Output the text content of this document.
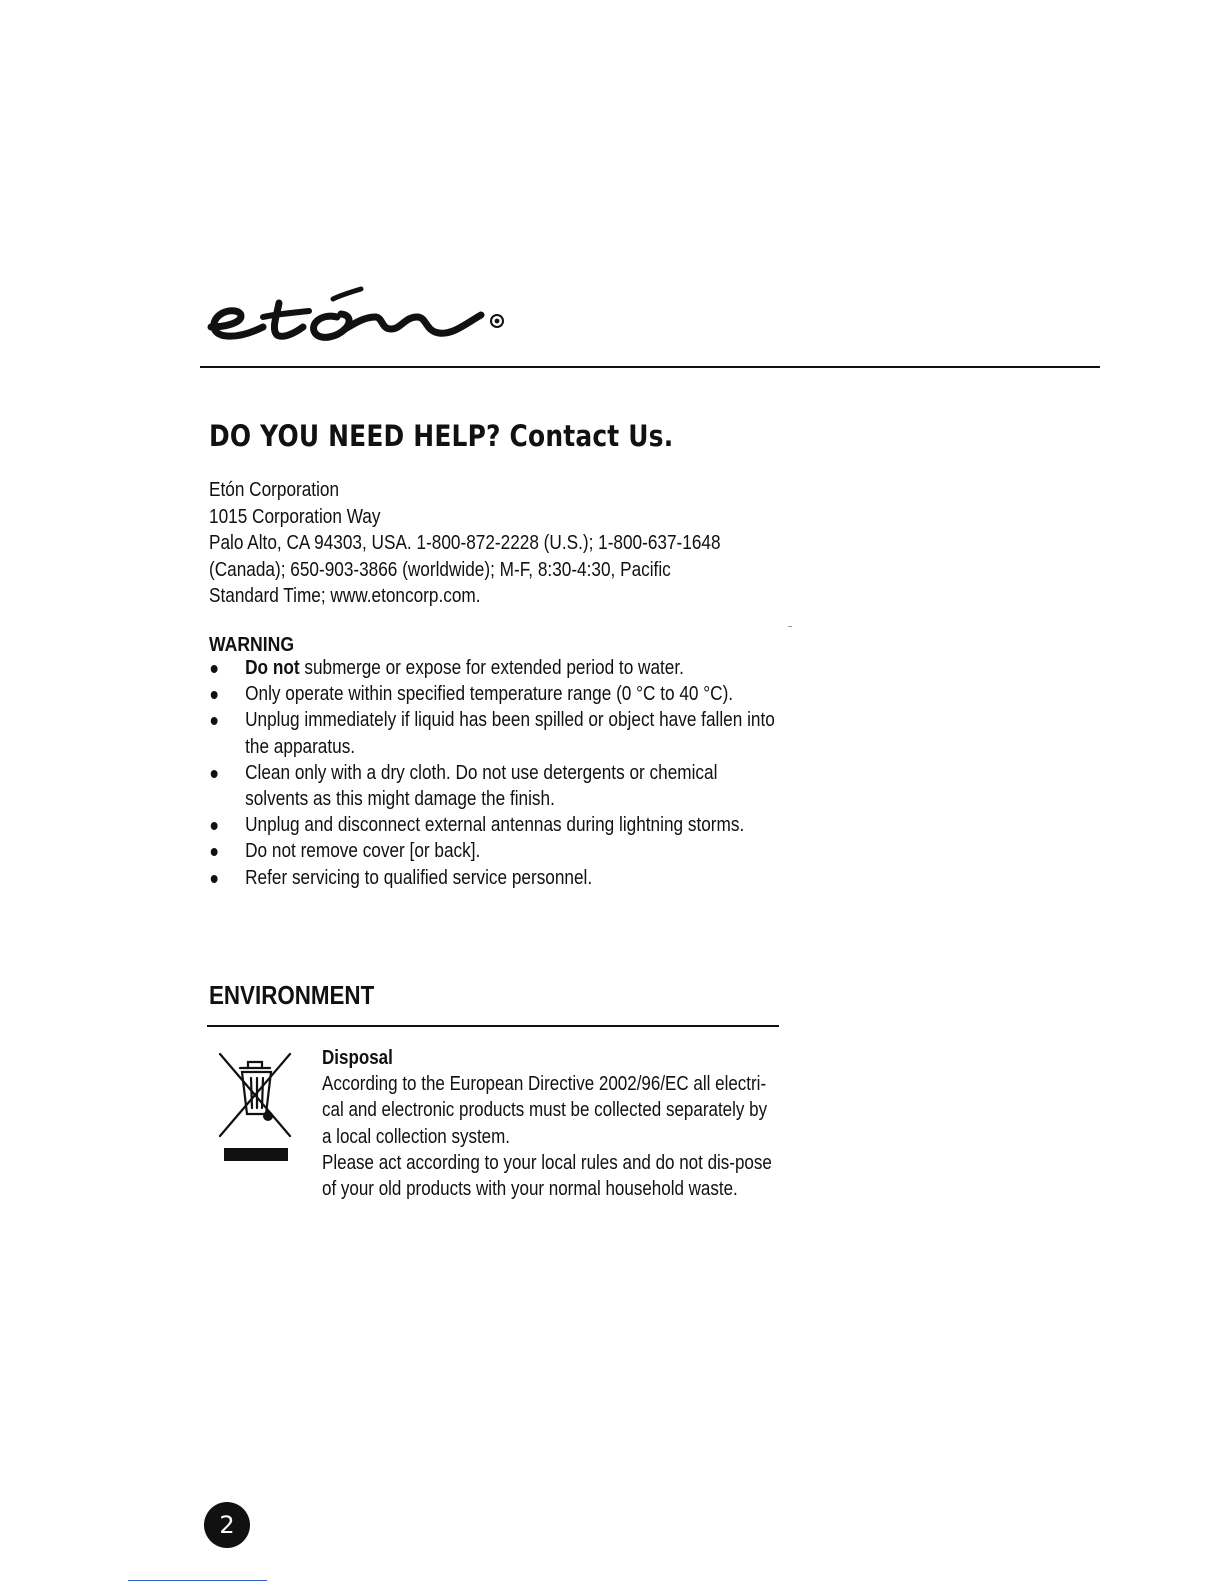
DO YOU NEED HELP? Contact Us.
Etón Corporation
1015 Corporation Way
Palo Alto, CA 94303, USA. 1-800-872-2228 (U.S.); 1-800-637-1648
(Canada); 650-903-3866 (worldwide); M-F, 8:30-4:30, Pacific
Standard Time; www.etoncorp.com.
WARNING
Do not submerge or expose for extended period to water.
Only operate within specified temperature range (0 °C to 40 °C).
Unplug immediately if liquid has been spilled or object have fallen into the apparatus.
Clean only with a dry cloth. Do not use detergents or chemical solvents as this might damage the finish.
Unplug and disconnect external antennas during lightning storms.
Do not remove cover [or back].
Refer servicing to qualified service personnel.
ENVIRONMENT
Disposal

According to the European Directive 2002/96/EC all electri-cal and electronic products must be collected separately by a local collection system.

Please act according to your local rules and do not dis-pose of your old products with your normal household waste.

2
